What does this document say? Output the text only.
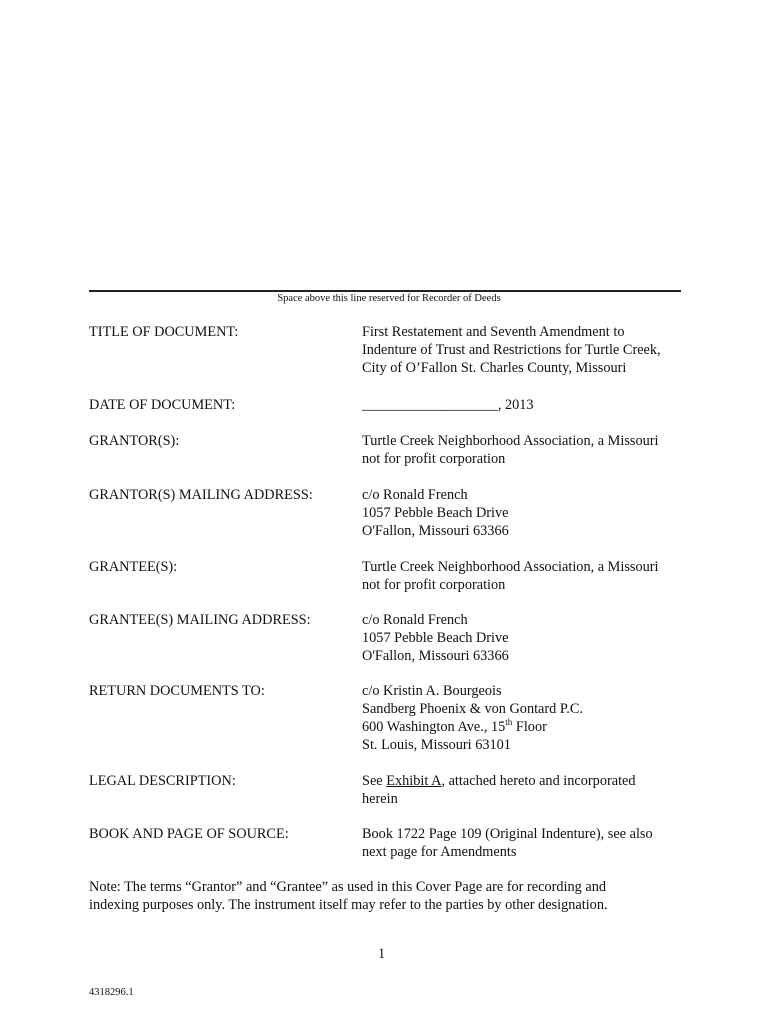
Space above this line reserved for Recorder of Deeds
TITLE OF DOCUMENT:	First Restatement and Seventh Amendment to
Indenture of Trust and Restrictions for Turtle Creek,
City of O’Fallon St. Charles County, Missouri
DATE OF DOCUMENT:	___________________, 2013
GRANTOR(S):	Turtle Creek Neighborhood Association, a Missouri
not for profit corporation
GRANTOR(S) MAILING ADDRESS:	c/o Ronald French
1057 Pebble Beach Drive
O'Fallon, Missouri 63366
GRANTEE(S):	Turtle Creek Neighborhood Association, a Missouri
not for profit corporation
GRANTEE(S) MAILING ADDRESS:	c/o Ronald French
1057 Pebble Beach Drive
O'Fallon, Missouri 63366
RETURN DOCUMENTS TO:	c/o Kristin A. Bourgeois
Sandberg Phoenix & von Gontard P.C.
600 Washington Ave., 15th Floor
St. Louis, Missouri 63101
LEGAL DESCRIPTION:	See Exhibit A, attached hereto and incorporated
herein
BOOK AND PAGE OF SOURCE:	Book 1722 Page 109 (Original Indenture), see also
next page for Amendments
Note: The terms “Grantor” and “Grantee” as used in this Cover Page are for recording and
indexing purposes only. The instrument itself may refer to the parties by other designation.
1
4318296.1
